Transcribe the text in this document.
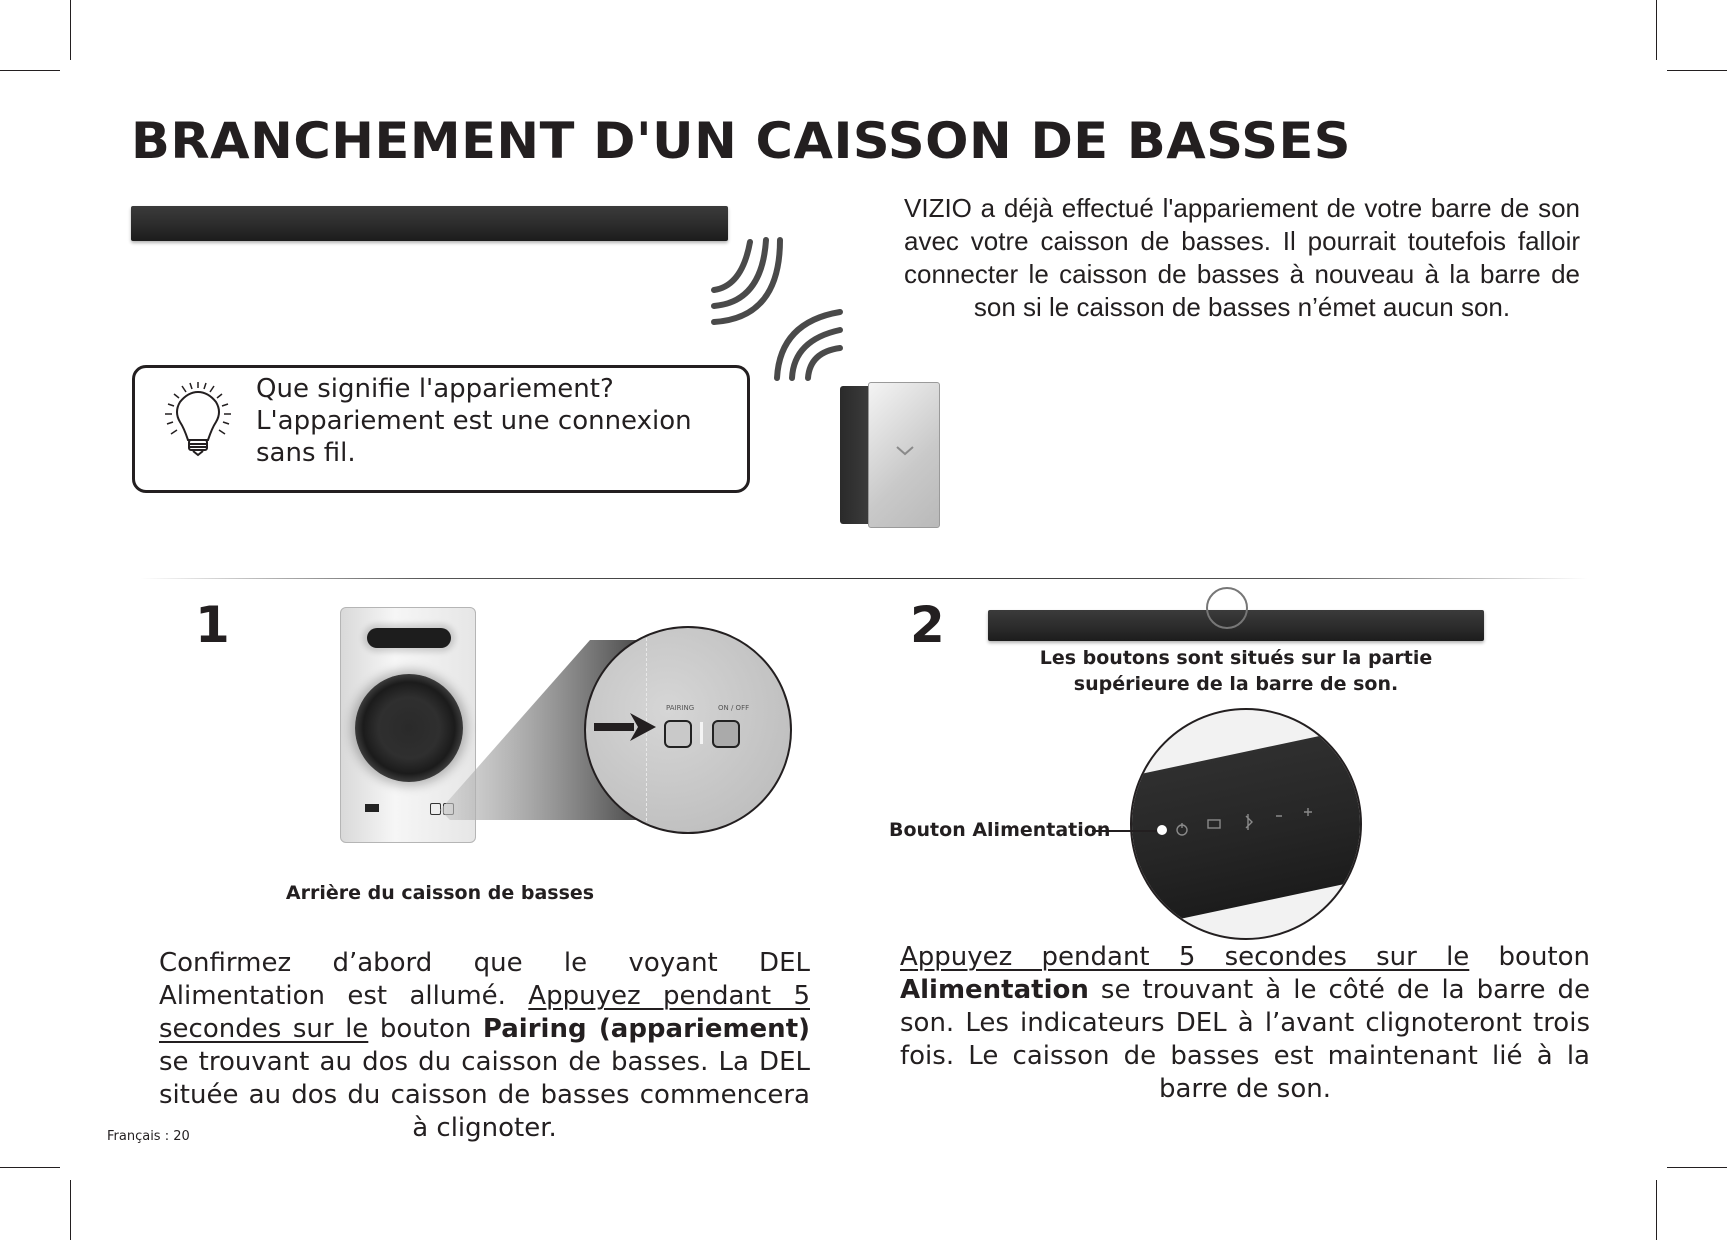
BRANCHEMENT D'UN CAISSON DE BASSES
VIZIO a déjà effectué l'appariement de votre barre de son avec votre caisson de basses. Il pourrait toutefois falloir connecter le caisson de basses à nouveau à la barre de son si le caisson de basses n’émet aucun son.
Que signifie l'appariement?
L'appariement est une connexion sans fil.
1
PAIRING	ON / OFF
Arrière du caisson de basses
Confirmez d’abord que le voyant DEL Alimentation est allumé. Appuyez pendant 5 secondes sur le bouton Pairing (appariement) se trouvant au dos du caisson de basses. La DEL située au dos du caisson de basses commencera à clignoter.
2
Les boutons sont situés sur la partie supérieure de la barre de son.
Bouton Alimentation
Appuyez pendant 5 secondes sur le bouton Alimentation se trouvant à le côté de la barre de son. Les indicateurs DEL à l’avant clignoteront trois fois. Le caisson de basses est maintenant lié à la barre de son.
Français : 20
